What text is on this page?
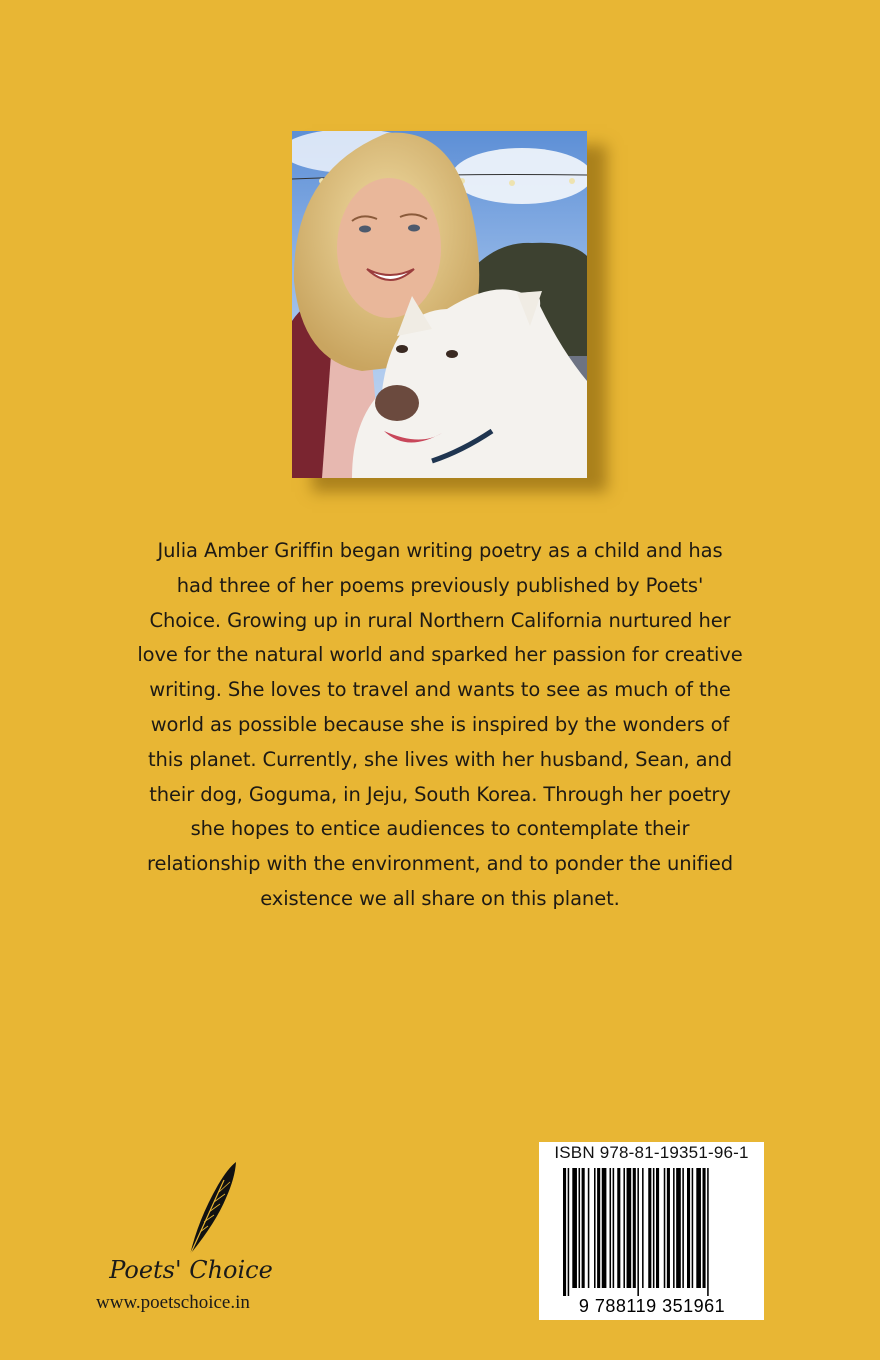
Julia Amber Griffin began writing poetry as a child and has
had three of her poems previously published by Poets'
Choice. Growing up in rural Northern California nurtured her
love for the natural world and sparked her passion for creative
writing. She loves to travel and wants to see as much of the
world as possible because she is inspired by the wonders of
this planet. Currently, she lives with her husband, Sean, and
their dog, Goguma, in Jeju, South Korea. Through her poetry
she hopes to entice audiences to contemplate their
relationship with the environment, and to ponder the unified
existence we all share on this planet.

Poets' Choice
www.poetschoice.in
ISBN 978-81-19351-96-1
9 788119 351961
